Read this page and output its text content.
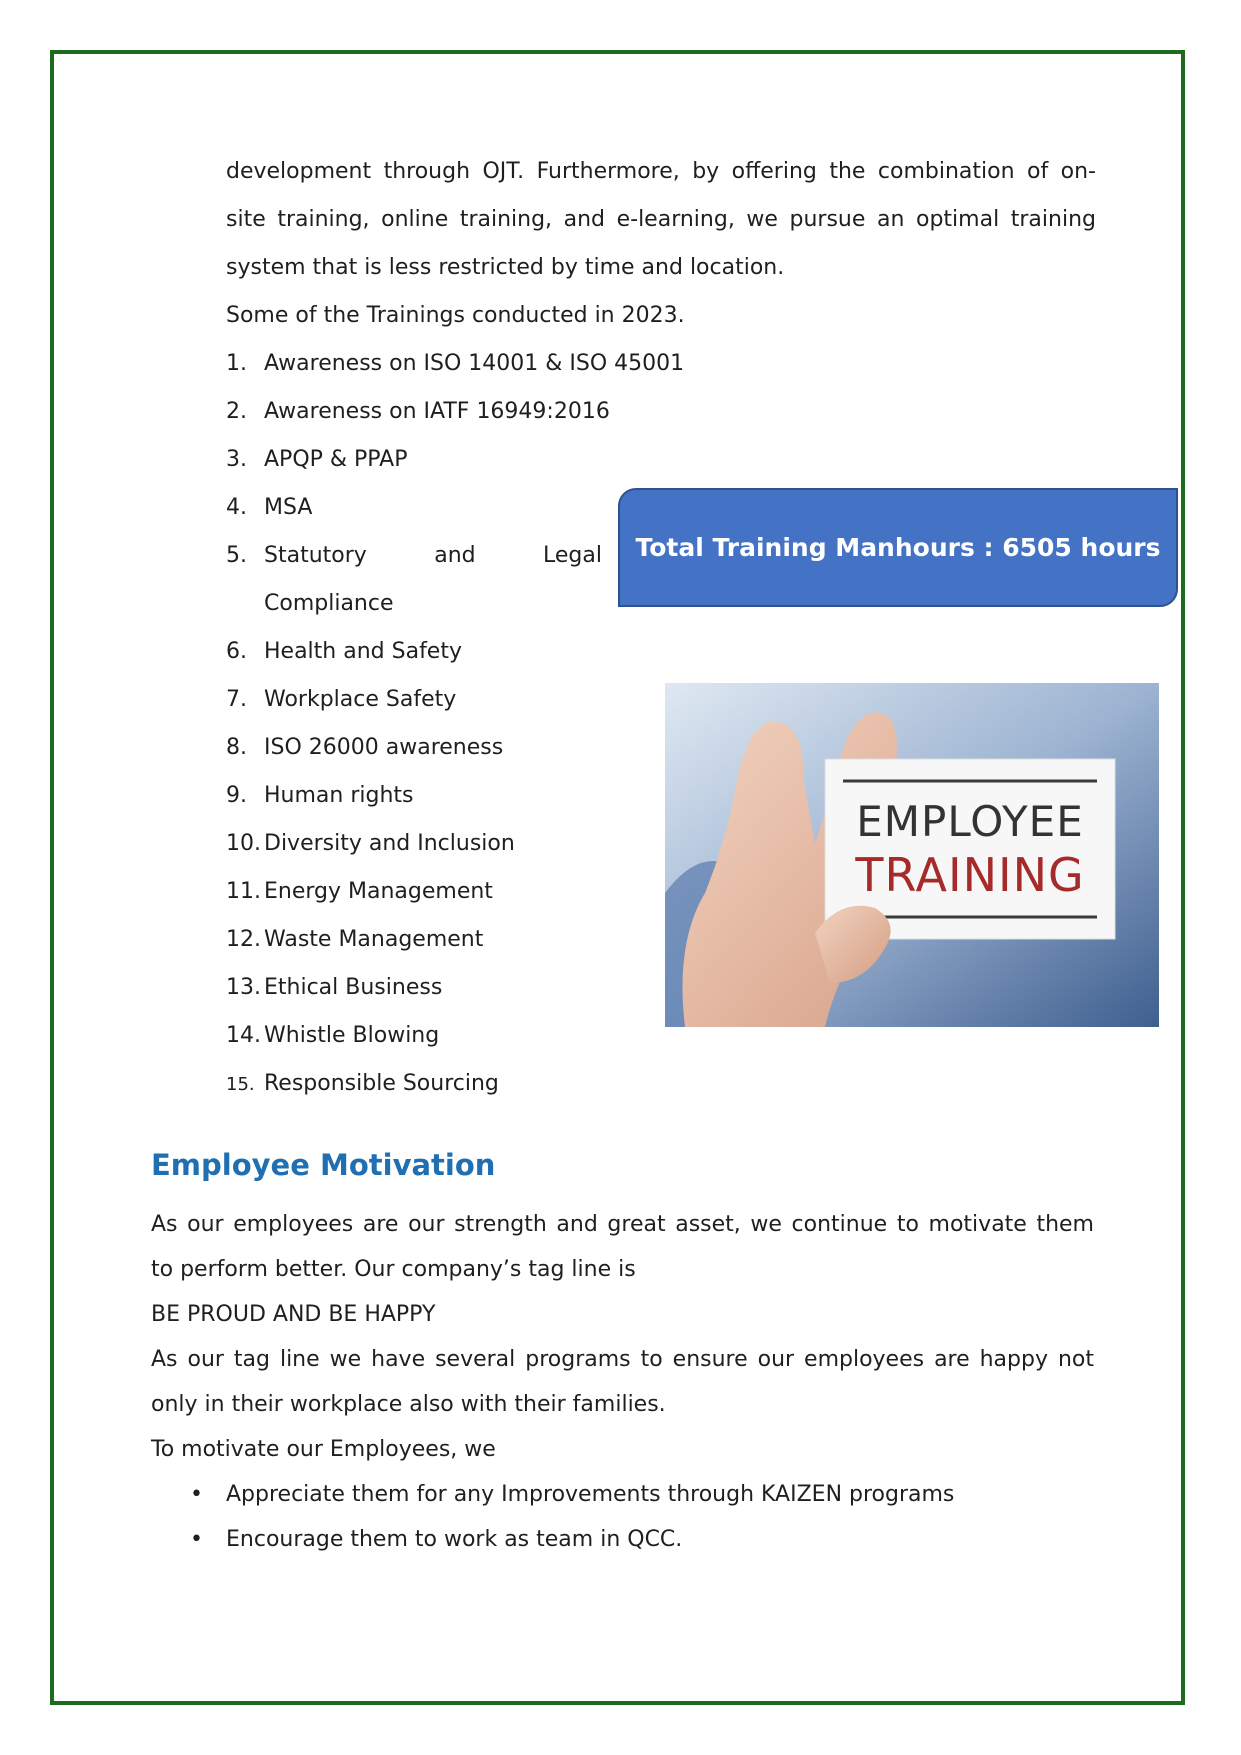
development through OJT. Furthermore, by offering the combination of on-
site training, online training, and e-learning, we pursue an optimal training
system that is less restricted by time and location.
Some of the Trainings conducted in 2023.
1. Awareness on ISO 14001 & ISO 45001
2. Awareness on IATF 16949:2016
3. APQP & PPAP
4. MSA
5. Statutory and Legal
Compliance
6. Health and Safety
7. Workplace Safety
8. ISO 26000 awareness
9. Human rights
10. Diversity and Inclusion
11. Energy Management
12. Waste Management
13. Ethical Business
14. Whistle Blowing
15. Responsible Sourcing
Total Training Manhours : 6505 hours
EMPLOYEE
TRAINING
Employee Motivation
As our employees are our strength and great asset, we continue to motivate them
to perform better. Our company’s tag line is
BE PROUD AND BE HAPPY
As our tag line we have several programs to ensure our employees are happy not
only in their workplace also with their families.
To motivate our Employees, we
• Appreciate them for any Improvements through KAIZEN programs
• Encourage them to work as team in QCC.
